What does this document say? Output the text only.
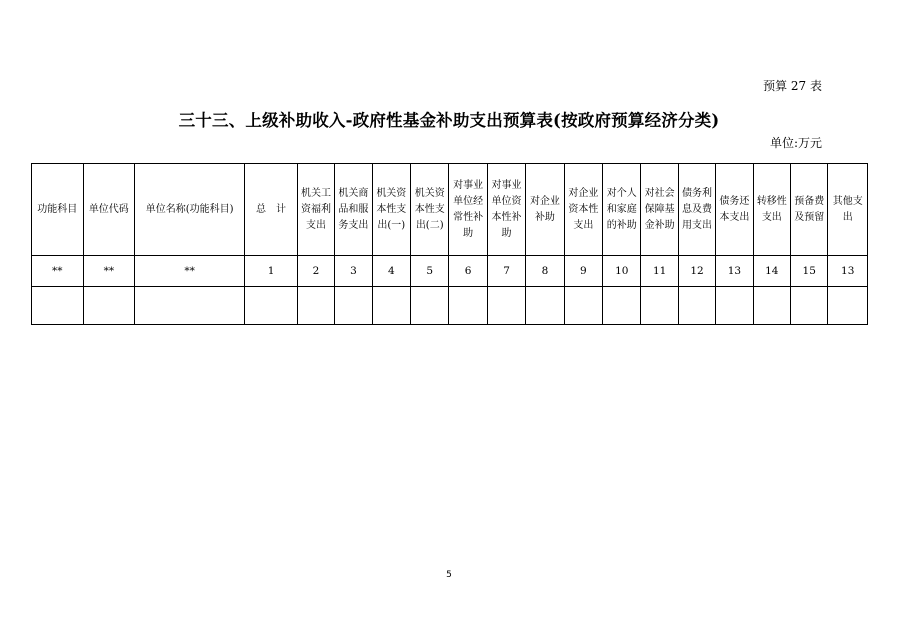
预算 27 表
三十三、上级补助收入-政府性基金补助支出预算表(按政府预算经济分类)
单位:万元
功能科目	单位代码	单位名称(功能科目)	总　计	机关工资福利支出	机关商品和服务支出	机关资本性支出(一)	机关资本性支出(二)	对事业单位经常性补助	对事业单位资本性补助	对企业补助	对企业资本性支出	对个人和家庭的补助	对社会保障基金补助	债务利息及费用支出	债务还本支出	转移性支出	预备费及预留	其他支出
**	**	**	1	2	3	4	5	6	7	8	9	10	11	12	13	14	15	13

5
